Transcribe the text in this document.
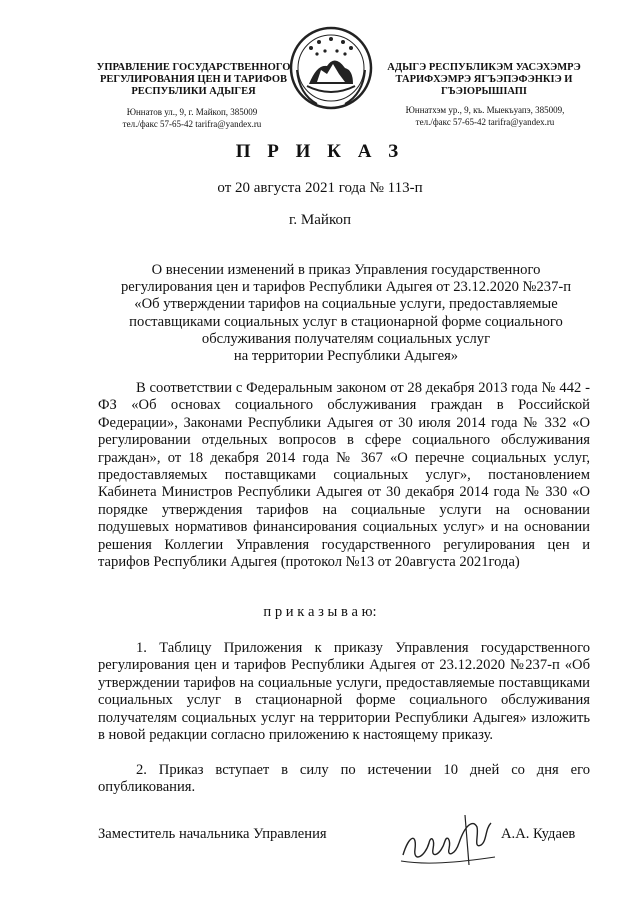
УПРАВЛЕНИЕ ГОСУДАРСТВЕННОГО РЕГУЛИРОВАНИЯ ЦЕН И ТАРИФОВ РЕСПУБЛИКИ АДЫГЕЯ
Юннатов ул., 9, г. Майкоп, 385009
тел./факс 57-65-42 tarifra@yandex.ru
АДЫГЭ РЕСПУБЛИКЭМ УАСЭХЭМРЭ ТАРИФХЭМРЭ ЯГЪЭПЭФЭНКIЭ И ГЪЭIОРЫШIАПI
Юннатхэм ур., 9, къ. Мыекъуапэ, 385009,
тел./факс 57-65-42 tarifra@yandex.ru
П Р И К А З
от 20 августа 2021 года № 113-п
г. Майкоп
О внесении изменений в приказ Управления государственного
регулирования цен и тарифов Республики Адыгея от 23.12.2020 №237-п
«Об утверждении тарифов на социальные услуги, предоставляемые
поставщиками социальных услуг в стационарной форме социального
обслуживания получателям социальных услуг
на территории Республики Адыгея»
В соответствии с Федеральным законом от 28 декабря 2013 года № 442 - ФЗ «Об основах социального обслуживания граждан в Российской Федерации», Законами Республики Адыгея от 30 июля 2014 года № 332 «О регулировании отдельных вопросов в сфере социального обслуживания граждан», от 18 декабря 2014 года № 367 «О перечне социальных услуг, предоставляемых поставщиками социальных услуг», постановлением Кабинета Министров Республики Адыгея от 30 декабря 2014 года № 330 «О порядке утверждения тарифов на социальные услуги на основании подушевых нормативов финансирования социальных услуг» и на основании решения Коллегии Управления государственного регулирования цен и тарифов Республики Адыгея (протокол №13 от 20августа 2021года)
п р и к а з ы в а ю:
1. Таблицу Приложения к приказу Управления государственного регулирования цен и тарифов Республики Адыгея от 23.12.2020 №237-п «Об утверждении тарифов на социальные услуги, предоставляемые поставщиками социальных услуг в стационарной форме социального обслуживания получателям социальных услуг на территории Республики Адыгея» изложить в новой редакции согласно приложению к настоящему приказу.
2. Приказ вступает в силу по истечении 10 дней со дня его опубликования.
Заместитель начальника Управления	А.А. Кудаев
